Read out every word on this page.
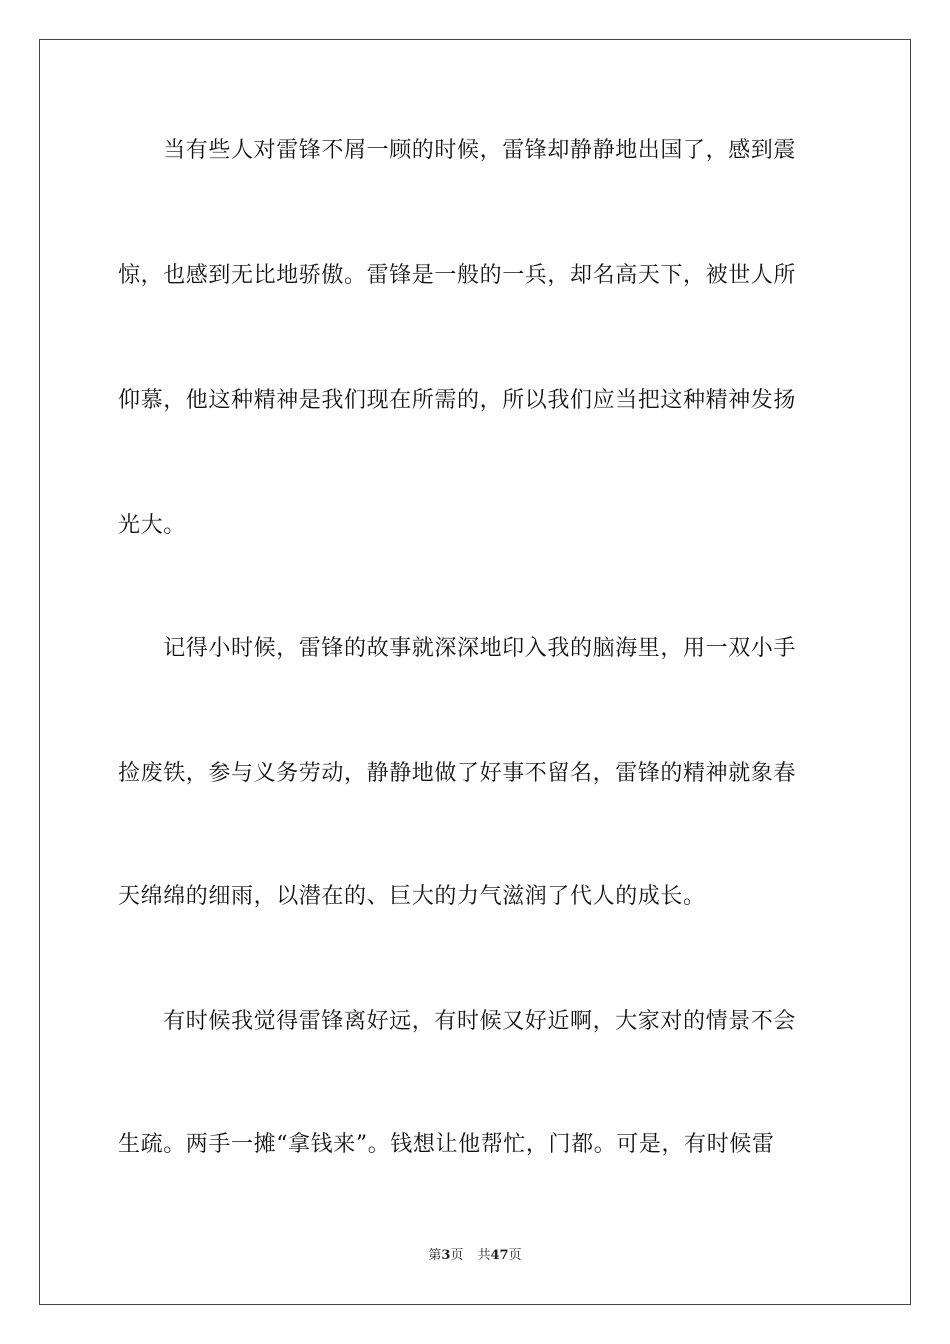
　　当有些人对雷锋不屑一顾的时候，雷锋却静静地出国了，感到震
惊，也感到无比地骄傲。雷锋是一般的一兵，却名高天下，被世人所
仰慕，他这种精神是我们现在所需的，所以我们应当把这种精神发扬
光大。
　　记得小时候，雷锋的故事就深深地印入我的脑海里，用一双小手
捡废铁，参与义务劳动，静静地做了好事不留名，雷锋的精神就象春
天绵绵的细雨，以潜在的、巨大的力气滋润了代人的成长。
　　有时候我觉得雷锋离好远，有时候又好近啊，大家对的情景不会
生疏。两手一摊“拿钱来”。钱想让他帮忙，门都。可是，有时候雷
第3页 共47页
